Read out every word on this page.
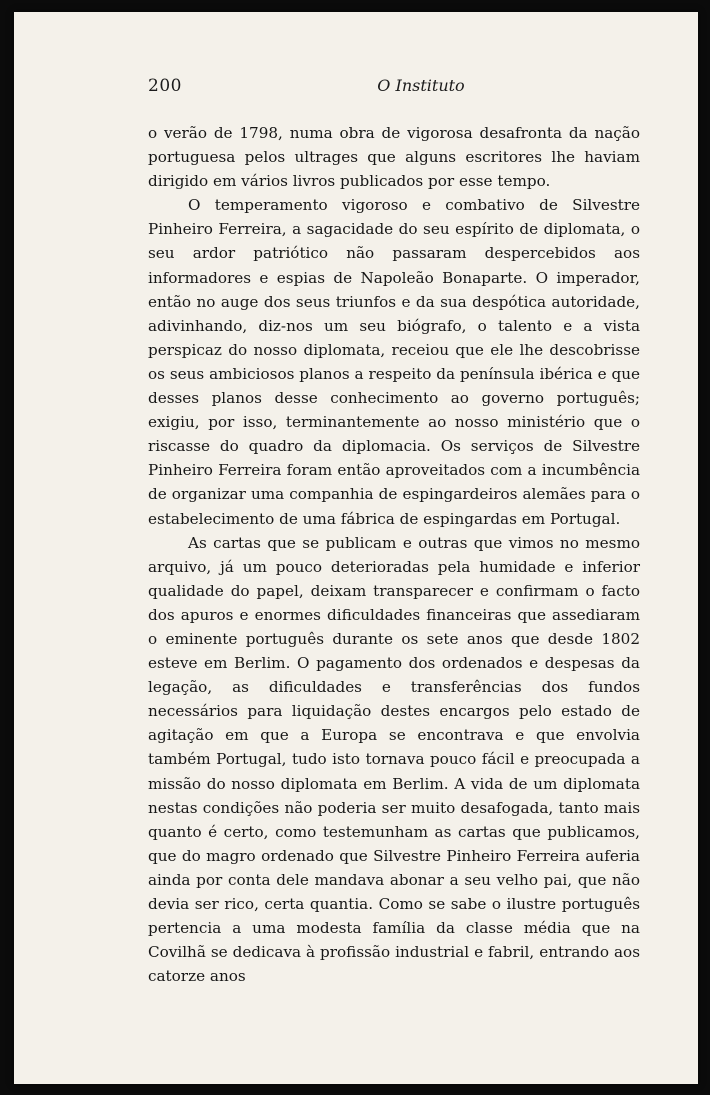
200	O Instituto

o verão de 1798, numa obra de vigorosa desafronta da nação portuguesa pelos ultrages que alguns escritores lhe haviam dirigido em vários livros publicados por esse tempo.

O temperamento vigoroso e combativo de Silvestre Pinheiro Ferreira, a sagacidade do seu espírito de diplomata, o seu ardor patriótico não passaram despercebidos aos informadores e espias de Napoleão Bonaparte. O imperador, então no auge dos seus triunfos e da sua despótica autoridade, adivinhando, diz-nos um seu biógrafo, o talento e a vista perspicaz do nosso diplomata, receiou que ele lhe descobrisse os seus ambiciosos planos a respeito da península ibérica e que desses planos desse conhecimento ao governo português; exigiu, por isso, terminantemente ao nosso ministério que o riscasse do quadro da diplomacia. Os serviços de Silvestre Pinheiro Ferreira foram então aproveitados com a incumbência de organizar uma companhia de espingardeiros alemães para o estabelecimento de uma fábrica de espingardas em Portugal.

As cartas que se publicam e outras que vimos no mesmo arquivo, já um pouco deterioradas pela humidade e inferior qualidade do papel, deixam transparecer e confirmam o facto dos apuros e enormes dificuldades financeiras que assediaram o eminente português durante os sete anos que desde 1802 esteve em Berlim. O pagamento dos ordenados e despesas da legação, as dificuldades e transferências dos fundos necessários para liquidação destes encargos pelo estado de agitação em que a Europa se encontrava e que envolvia também Portugal, tudo isto tornava pouco fácil e preocupada a missão do nosso diplomata em Berlim. A vida de um diplomata nestas condições não poderia ser muito desafogada, tanto mais quanto é certo, como testemunham as cartas que publicamos, que do magro ordenado que Silvestre Pinheiro Ferreira auferia ainda por conta dele mandava abonar a seu velho pai, que não devia ser rico, certa quantia. Como se sabe o ilustre português pertencia a uma modesta família da classe média que na Covilhã se dedicava à profissão industrial e fabril, entrando aos catorze anos
